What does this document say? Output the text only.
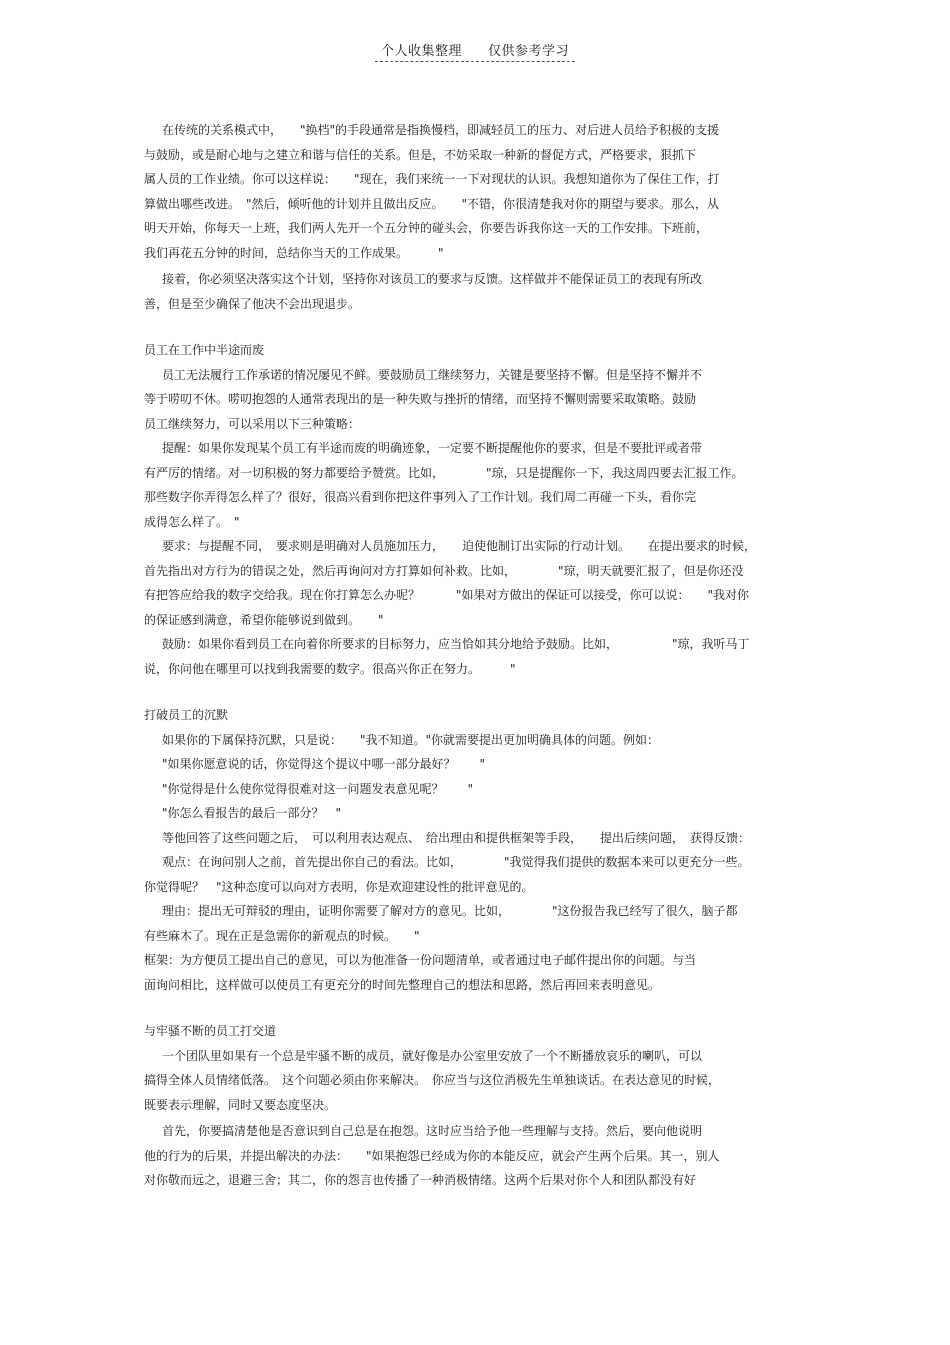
个人收集整理 仅供参考学习
在传统的关系模式中，　　"换档"的手段通常是指换慢档，即减轻员工的压力、对后进人员给予积极的支援
与鼓励，或是耐心地与之建立和谐与信任的关系。但是，不妨采取一种新的督促方式，严格要求，狠抓下
属人员的工作业绩。你可以这样说：　　"现在，我们来统一一下对现状的认识。我想知道你为了保住工作，打
算做出哪些改进。　"然后，倾听他的计划并且做出反应。　　"不错，你很清楚我对你的期望与要求。那么，从
明天开始，你每天一上班，我们两人先开一个五分钟的碰头会，你要告诉我你这一天的工作安排。下班前，
我们再花五分钟的时间，总结你当天的工作成果。　　　"
接着，你必须坚决落实这个计划，坚持你对该员工的要求与反馈。这样做并不能保证员工的表现有所改
善，但是至少确保了他决不会出现退步。
员工在工作中半途而废
员工无法履行工作承诺的情况屡见不鲜。要鼓励员工继续努力，关键是要坚持不懈。但是坚持不懈并不
等于唠叨不休。唠叨抱怨的人通常表现出的是一种失败与挫折的情绪，而坚持不懈则需要采取策略。鼓励
员工继续努力，可以采用以下三种策略：
提醒：如果你发现某个员工有半途而废的明确迹象，一定要不断提醒他你的要求，但是不要批评或者带
有严厉的情绪。对一切积极的努力都要给予赞赏。比如，　　　　"琼，只是提醒你一下，我这周四要去汇报工作。
那些数字你弄得怎么样了？很好，很高兴看到你把这件事列入了工作计划。我们周二再碰一下头，看你完
成得怎么样了。　"
要求：与提醒不同，　要求则是明确对人员施加压力，　　迫使他制订出实际的行动计划。　　在提出要求的时候，
首先指出对方行为的错误之处，然后再询问对方打算如何补救。比如，　　　　"琼，明天就要汇报了，但是你还没
有把答应给我的数字交给我。现在你打算怎么办呢？　　　"如果对方做出的保证可以接受，你可以说：　　"我对你
的保证感到满意，希望你能够说到做到。　　"
鼓励：如果你看到员工在向着你所要求的目标努力，应当恰如其分地给予鼓励。比如，　　　　　"琼，我听马丁
说，你问他在哪里可以找到我需要的数字。很高兴你正在努力。　　　"
打破员工的沉默
如果你的下属保持沉默，只是说：　　"我不知道。"你就需要提出更加明确具体的问题。例如：
"如果你愿意说的话，你觉得这个提议中哪一部分最好？　　"
"你觉得是什么使你觉得很难对这一问题发表意见呢？　　"
"你怎么看报告的最后一部分？　"
等他回答了这些问题之后，　可以利用表达观点、　给出理由和提供框架等手段，　　提出后续问题，　获得反馈：
观点：在询问别人之前，首先提出你自己的看法。比如，　　　　"我觉得我们提供的数据本来可以更充分一些。
你觉得呢？　"这种态度可以向对方表明，你是欢迎建设性的批评意见的。
理由：提出无可辩驳的理由，证明你需要了解对方的意见。比如，　　　　"这份报告我已经写了很久，脑子都
有些麻木了。现在正是急需你的新观点的时候。　　"
框架：为方便员工提出自己的意见，可以为他准备一份问题清单，或者通过电子邮件提出你的问题。与当
面询问相比，这样做可以使员工有更充分的时间先整理自己的想法和思路，然后再回来表明意见。
与牢骚不断的员工打交道
一个团队里如果有一个总是牢骚不断的成员，就好像是办公室里安放了一个不断播放哀乐的喇叭，可以
搞得全体人员情绪低落。　这个问题必须由你来解决。　你应当与这位消极先生单独谈话。在表达意见的时候，
既要表示理解，同时又要态度坚决。
首先，你要搞清楚他是否意识到自己总是在抱怨。这时应当给予他一些理解与支持。然后，要向他说明
他的行为的后果，并提出解决的办法：　　"如果抱怨已经成为你的本能反应，就会产生两个后果。其一，别人
对你敬而远之，退避三舍；其二，你的怨言也传播了一种消极情绪。这两个后果对你个人和团队都没有好
